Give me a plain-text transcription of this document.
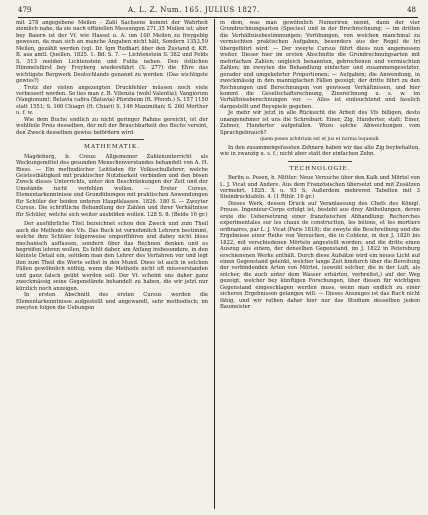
479	A. L. Z. Num. 165. JULIUS 1827.	48

mit 278 angegebene Meilen - Zahl Sachsens kommt der Wahrheit ziemlich nahe, da sie nach offiziellen Messungen 271,35 Meilen ist; aber bey Baiern ist der Vf. wie Hassel u. A. um 100 Meilen zu freygebig gewesen, da man sich an manche Angaben nicht hält, Sondern 1353,59 Meilen, gezählt werden (vgl. Dr. Igm Rudhart über den Zustand d. KR. B. aus amtl. Quellen. 1825. 1. Bd. S. 7. — Lichtenstein S. 382 und Felds S. 513 melden Lichtenstein und Fulda neben. Den östlichen Himmelsfürst bey Freyberg wiedersfährt (S. 277) die Ehre das wichtigste Bergwerk Deutschlands genannt zu werden. (Das wichtigste gewiss?)

Trotz der vielen angezeigten Druckfehler müssen noch viele verbessert werden. So lies man z. B. Vilenzia (wohl Valentia); Vangiorum (Vangionum); Betavia cafira (Batavia) Pforzheim (ft. Pforzh.) S. 157 1150 statt 1551; S. 160 Chiagri (ft. Chiari) S. 146 Maximilian; S. 260 Morther u. f. w.

Wie dem Buche endlich zu nicht geringer Rahme gereicht, ist der wohlfeile Preis desselben, der mit der Brauchbarkeit des Buchs vereint, den Zweck desselben gewiss befördern wird.

MATHEMATIK.

Magdeburg, b. Creuz: Allgemeiner Zahlenunterricht als Weckungsmittel des gesunden Menschenverstandes behandelt von A. H. Riess. — Ein methodischer Leitfaden für Volksschullehrer, welche Geistesthätigkeit mit praktischer Nutzbarkeit verbinden und den bösen Zweck dieses Unterrichts, unter den Beschränkungen der Zeit und der Umstände nicht verfehlen wollen. — Erster Cursus, Elementarkenntnisse und Grundübungen mit praktischen Anwendungen für Schüler der beiden unteren Hauptklassen. 1826. 180 S. — Zweyter Cursus. Die schriftliche Behandlung der Zahlen und ihrer Verhältnisse für Schüler, welche sich weiter ausbilden wollen. 128 S. 8. (Beide 16 gr.)

Der ausführliche Titel bezeichnet schon den Zweck und zum Theil auch die Methode des Vfs. Das Buch ist vornehmlich Lehrern bestimmt, welche ihre Schüler folgenweise emporführen und dabey nicht bloss mechanisch auffassen, sondern über das Rechnen denken und es begreifen lehren wollen. Es fehlt daher, am Anfang insbesondere, in den kleinste Detail ein, seitdem man den Lehrer des Verfahren vor und legt ihm zum Theil die Worte selbst in den Mund. Diess ist auch in solchen Fällen gewöhnlich nöthig, wenn die Methode nicht oft missverstanden und ganz falsch geübt werden soll. Der Vf. scheint uns daher ganz zweckmässig seine Gegenstände behandelt zu haben, die wir jetzt nur kürzlich noch anzeigen.

In ersten Abschnitt des ersten Cursus werden die Elementarkenntnisse aufgestellt und angewandt, sehr methodisch; im zweyten folgen die Uebungen

in dem, was man gewöhnlich Numeriren nennt, dann der vier Grundrechnungsarten (Species) und in der Bruchrechnung; — im dritten die Verhältnissbestimmungen; Vorübungen, von welchen manchmal zu vermischten praktischen Aufgaben, besonders aus der Regel de tri übergeführt wird. — Der zweyte Cursus führt diess nun angemessen weiter. Dieser hier im ersten Abschnitte die Grundrechnungsarten mit mehrfachen Zahlen; ungleich benannten, gebrochenen und vermischten Zahlen; im zweyten die Behandlung einfacher und zusammengesetzter, gerader und umgekehrter Proportionen; — Aufgaben; die Anwendung, in zweckmässig in den mannigfachen Fällen gezeigt; der dritte führt zu den Rechnungen und Berechnungen von gewissen Verhältnissen, und hier kommt die Gesellschaftsrechnung, Zinsrechnung u. s. w. im Verhältnissberechnungen vor. — Alles ist einleuchtend und fasslich dargestellt und Beyspiele gegeben.

Je mehr wir jetzt in alle Rücksicht die Arbeit des Vfs billigen, desto unangenehmer ist uns die Schreibart: Einer, Zig, Hunderter, statt: Einer, Zehner, Hunderter aufgefallen. Wozu solche Abweichungen vom Sprachgebrauch?

quem penes arbitrium est et jus et norma loquendi.

In den zusammengefassten Zehnern haben wir das alte Zig beybehalten, wie in zwanzig u. s. f.; nicht aber statt der einfachen Zehn.

TECHNOLOGIE.

Berlin u. Posen, b. Mittler: Neue Versuche über den Kalk und Mörtel von L. J. Vicat und Andere. Aus dem Französischen übersetzt und mit Zusätzen vermehrt. 1825. X u. 93 S. Außerdem mehreren Tabellen mit 3 Steindrucktafeln. 4. (1 Rthlr. 16 gr.)

Dieses Werk, dessen Druck auf Veranlassung des Chefs des Königl. Preuss. Ingenieur-Corps erfolgt ist, besteht aus drey Abtheilungen, deren erste die Uebersetzung einer französischen Abhandlung: Recherches experimentales sur les chaux de construction, les bétons, et les mortiers ordinaires, par L. J. Vicat (Paris 1818); die zweyte die Beschreibung und die Ergebnisse einer Reihe von Versuchen, die in Coblenz, in den J. 1820 bis 1822, mit verschiedenen Mörteln angestellt worden; und die dritte einen Auszug aus einem, der denselben Gegenstand, im J. 1822 in Petersburg erschienenen Werke enthält. Durch diese Aufsätze wird ein neues Licht auf einen Gegenstand gelenkt, welcher lange Zeit hindurch über die Bereitung der verbindenden Arten von Mörtel, (sowohl solcher, die in der Luft, als solcher, die auch unter dem Wasser erhärten, verbreitet,) auf der Weg gezeigt, welcher bey künftigen Forschungen, über diesen für wichtigen Gegenstand eingeschlagen werden muss, wenn man endlich zu einer sicheren Ergebnissen gelangen will. — Dieses Auszuges ist das Buch nicht fähig, und wir rathen daher hier nur das Studium desselben jedem Baumeister
